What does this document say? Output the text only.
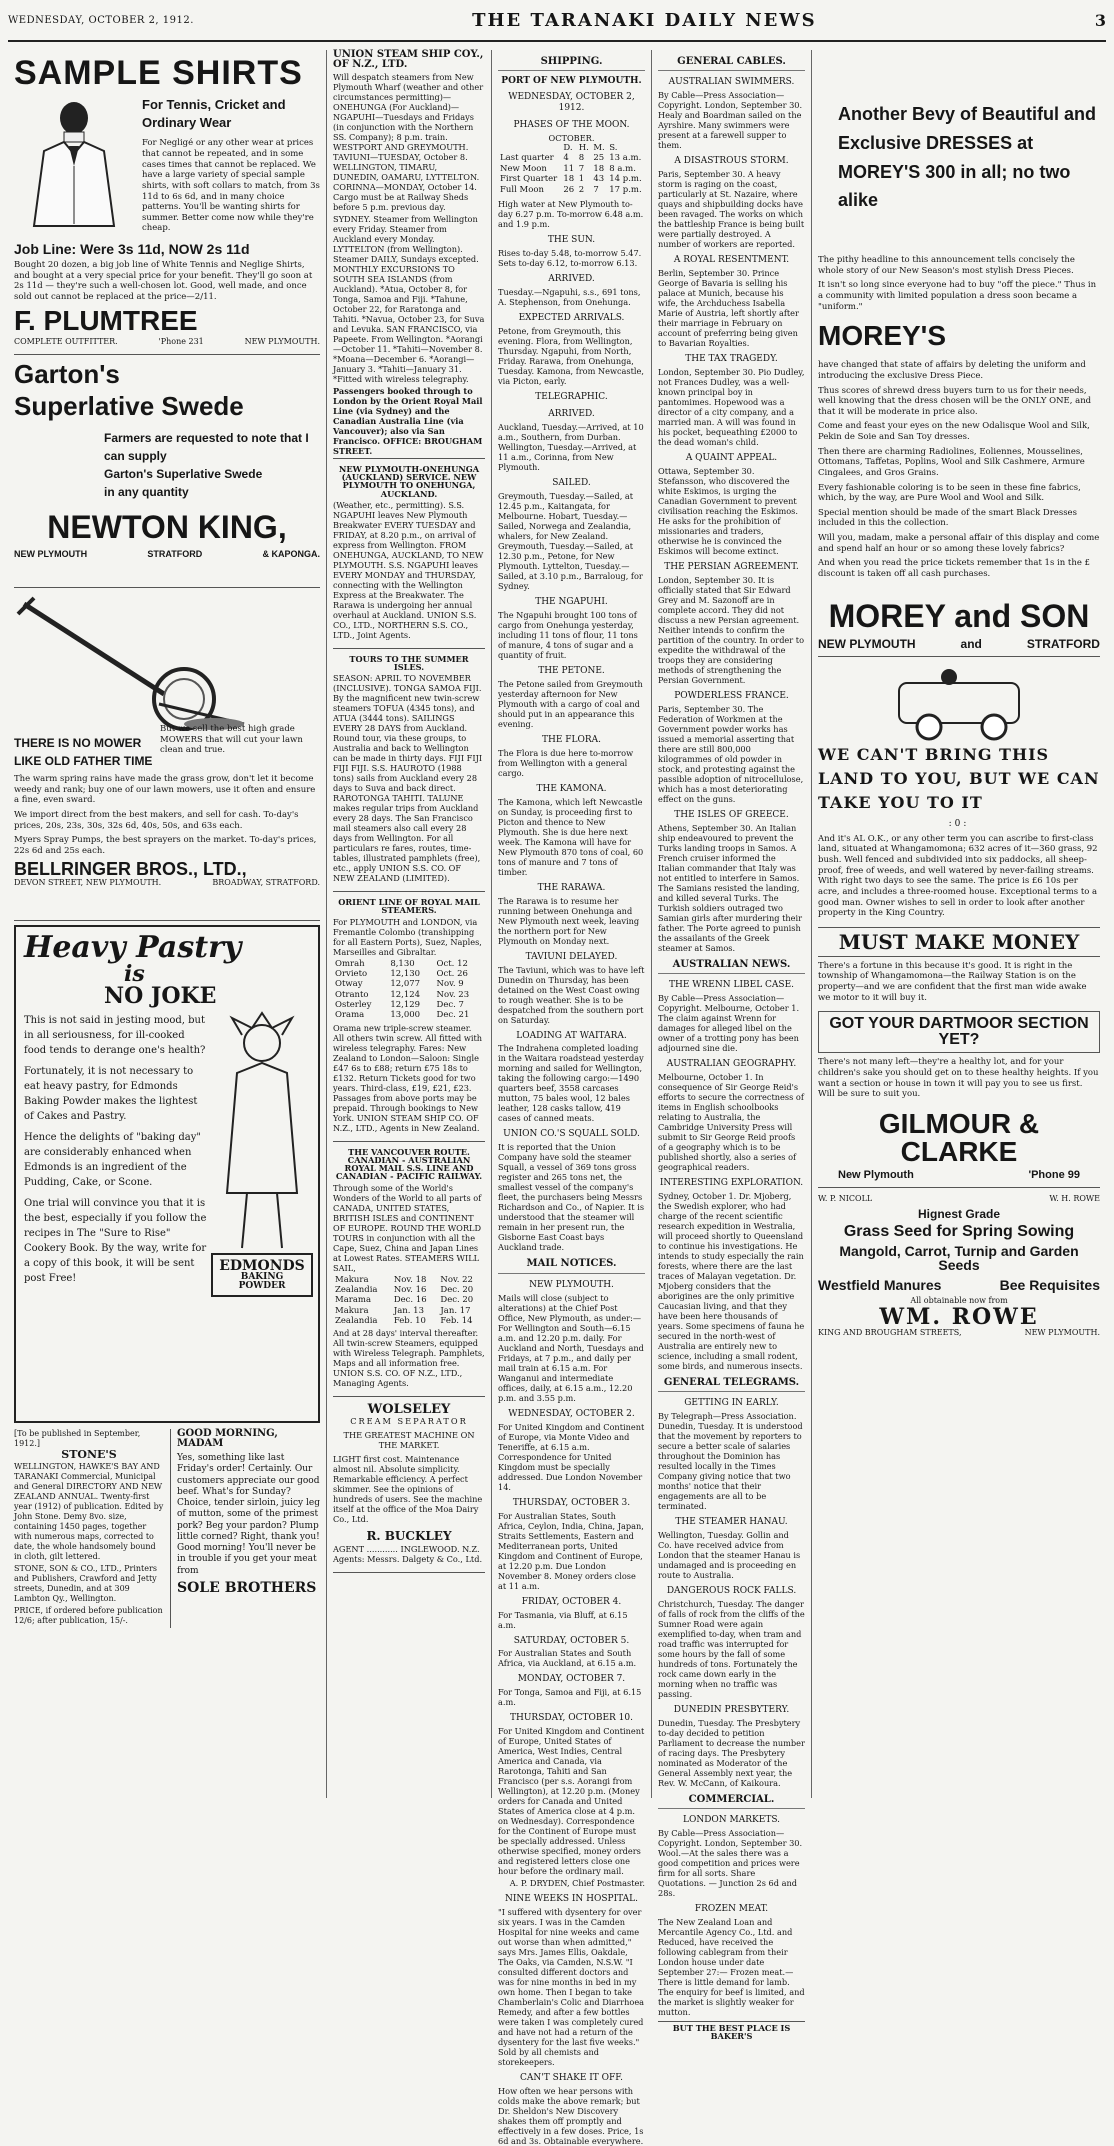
WEDNESDAY, OCTOBER 2, 1912.	THE TARANAKI DAILY NEWS	3
SAMPLE SHIRTS
For Tennis, Cricket and Ordinary Wear

For Negligé or any other wear at prices that cannot be repeated, and in some cases times that cannot be replaced. We have a large variety of special sample shirts, with soft collars to match, from 3s 11d to 6s 6d, and in many choice patterns. You'll be wanting shirts for summer. Better come now while they're cheap.

Job Line: Were 3s 11d, NOW 2s 11d

Bought 20 dozen, a big job line of White Tennis and Neglige Shirts, and bought at a very special price for your benefit. They'll go soon at 2s 11d — they're such a well-chosen lot. Good, well made, and once sold out cannot be replaced at the price—2/11.

F. PLUMTREE
COMPLETE OUTFITTER.	'Phone 231	NEW PLYMOUTH.
Garton's
Superlative Swede
Farmers are requested to note that I can supply
Garton's Superlative Swede
in any quantity
NEWTON KING,
NEW PLYMOUTH	STRATFORD	& KAPONGA.
THERE IS NO MOWER LIKE OLD FATHER TIME

But we sell the best high grade MOWERS that will cut your lawn clean and true.

The warm spring rains have made the grass grow, don't let it become weedy and rank; buy one of our lawn mowers, use it often and ensure a fine, even sward.

We import direct from the best makers, and sell for cash. To-day's prices, 20s, 23s, 30s, 32s 6d, 40s, 50s, and 63s each.

Myers Spray Pumps, the best sprayers on the market. To-day's prices, 22s 6d and 25s each.

BELLRINGER BROS., LTD.,
DEVON STREET, NEW PLYMOUTH.	BROADWAY, STRATFORD.
Heavy Pastry
is
NO JOKE

This is not said in jesting mood, but in all seriousness, for ill-cooked food tends to derange one's health?

Fortunately, it is not necessary to eat heavy pastry, for Edmonds Baking Powder makes the lightest of Cakes and Pastry.

Hence the delights of "baking day" are considerably enhanced when Edmonds is an ingredient of the Pudding, Cake, or Scone.

One trial will convince you that it is the best, especially if you follow the recipes in The "Sure to Rise" Cookery Book. By the way, write for a copy of this book, it will be sent post Free!

EDMONDS
BAKING POWDER
[To be published in September, 1912.]
STONE'S

WELLINGTON, HAWKE'S BAY AND TARANAKI Commercial, Municipal and General DIRECTORY AND NEW ZEALAND ANNUAL. Twenty-first year (1912) of publication. Edited by John Stone. Demy 8vo. size, containing 1450 pages, together with numerous maps, corrected to date, the whole handsomely bound in cloth, gilt lettered.

STONE, SON & CO., LTD., Printers and Publishers, Crawford and Jetty streets, Dunedin, and at 309 Lambton Qy., Wellington.

PRICE, if ordered before publication 12/6; after publication, 15/-.

GOOD MORNING, MADAM

Yes, something like last Friday's order! Certainly. Our customers appreciate our good beef. What's for Sunday? Choice, tender sirloin, juicy leg of mutton, some of the primest pork? Beg your pardon? Plump little corned? Right, thank you! Good morning! You'll never be in trouble if you get your meat from

SOLE BROTHERS
UNION STEAM SHIP COY., OF N.Z., LTD.

Will despatch steamers from New Plymouth Wharf (weather and other circumstances permitting)— ONEHUNGA (For Auckland)— NGAPUHI—Tuesdays and Fridays (in conjunction with the Northern SS. Company); 8 p.m. train. WESTPORT AND GREYMOUTH. TAVIUNI—TUESDAY, October 8. WELLINGTON, TIMARU, DUNEDIN, OAMARU, LYTTELTON. CORINNA—MONDAY, October 14. Cargo must be at Railway Sheds before 5 p.m. previous day.

SYDNEY. Steamer from Wellington every Friday. Steamer from Auckland every Monday. LYTTELTON (from Wellington). Steamer DAILY, Sundays excepted. MONTHLY EXCURSIONS TO SOUTH SEA ISLANDS (from Auckland). *Atua, October 8, for Tonga, Samoa and Fiji. *Tahune, October 22, for Raratonga and Tahiti. *Navua, October 23, for Suva and Levuka. SAN FRANCISCO, via Papeete. From Wellington. *Aorangi—October 11. *Tahiti—November 8. *Moana—December 6. *Aorangi—January 3. *Tahiti—January 31. *Fitted with wireless telegraphy.

Passengers booked through to London by the Orient Royal Mail Line (via Sydney) and the Canadian Australia Line (via Vancouver); also via San Francisco. OFFICE: BROUGHAM STREET.

NEW PLYMOUTH-ONEHUNGA (AUCKLAND) SERVICE. NEW PLYMOUTH TO ONEHUNGA, AUCKLAND.

(Weather, etc., permitting). S.S. NGAPUHI leaves New Plymouth Breakwater EVERY TUESDAY and FRIDAY, at 8.20 p.m., on arrival of express from Wellington. FROM ONEHUNGA, AUCKLAND, TO NEW PLYMOUTH. S.S. NGAPUHI leaves EVERY MONDAY and THURSDAY, connecting with the Wellington Express at the Breakwater. The Rarawa is undergoing her annual overhaul at Auckland. UNION S.S. CO., LTD., NORTHERN S.S. CO., LTD., Joint Agents.

TOURS TO THE SUMMER ISLES.

SEASON: APRIL TO NOVEMBER (INCLUSIVE). TONGA SAMOA FIJI. By the magnificent new twin-screw steamers TOFUA (4345 tons), and ATUA (3444 tons). SAILINGS EVERY 28 DAYS from Auckland. Round tour, via these groups, to Australia and back to Wellington can be made in thirty days. FIJI FIJI FIJI FIJI. S.S. HAUROTO (1988 tons) sails from Auckland every 28 days to Suva and back direct. RAROTONGA TAHITI. TALUNE makes regular trips from Auckland every 28 days. The San Francisco mail steamers also call every 28 days from Wellington. For all particulars re fares, routes, time-tables, illustrated pamphlets (free), etc., apply UNION S.S. CO. OF NEW ZEALAND (LIMITED).

ORIENT LINE OF ROYAL MAIL STEAMERS.

For PLYMOUTH and LONDON, via Fremantle Colombo (transhipping for all Eastern Ports), Suez, Naples, Marseilles and Gibraltar.

Omrah	8,130	Oct. 12
Orvieto	12,130	Oct. 26
Otway	12,077	Nov. 9
Otranto	12,124	Nov. 23
Osterley	12,129	Dec. 7
Orama	13,000	Dec. 21

Orama new triple-screw steamer. All others twin screw. All fitted with wireless telegraphy. Fares: New Zealand to London—Saloon: Single £47 6s to £88; return £75 18s to £132. Return Tickets good for two years. Third-class, £19, £21, £23. Passages from above ports may be prepaid. Through bookings to New York. UNION STEAM SHIP CO. OF N.Z., LTD., Agents in New Zealand.

THE VANCOUVER ROUTE. CANADIAN - AUSTRALIAN ROYAL MAIL S.S. LINE AND CANADIAN - PACIFIC RAILWAY.

Through some of the World's Wonders of the World to all parts of CANADA, UNITED STATES, BRITISH ISLES and CONTINENT OF EUROPE. ROUND THE WORLD TOURS in conjunction with all the Cape, Suez, China and Japan Lines at Lowest Rates. STEAMERS WILL SAIL,

Makura	Nov. 18	Nov. 22
Zealandia	Nov. 16	Dec. 20
Marama	Dec. 16	Dec. 20
Makura	Jan. 13	Jan. 17
Zealandia	Feb. 10	Feb. 14

And at 28 days' interval thereafter. All twin-screw Steamers, equipped with Wireless Telegraph. Pamphlets, Maps and all information free. UNION S.S. CO. OF N.Z., LTD., Managing Agents.

WOLSELEY
CREAM SEPARATOR
THE GREATEST MACHINE ON THE MARKET.

LIGHT first cost. Maintenance almost nil. Absolute simplicity. Remarkable efficiency. A perfect skimmer. See the opinions of hundreds of users. See the machine itself at the office of the Moa Dairy Co., Ltd.

R. BUCKLEY

AGENT ............ INGLEWOOD. N.Z. Agents: Messrs. Dalgety & Co., Ltd.

SHIPPING.
PORT OF NEW PLYMOUTH.
WEDNESDAY, OCTOBER 2, 1912.
PHASES OF THE MOON.
OCTOBER.
	D.	H.	M.	S.
Last quarter	4	8	25	13 a.m.
New Moon	11	7	18	8 a.m.
First Quarter	18	1	43	14 p.m.
Full Moon	26	2	7	17 p.m.

High water at New Plymouth to-day 6.27 p.m. To-morrow 6.48 a.m. and 1.9 p.m.

THE SUN.

Rises to-day 5.48, to-morrow 5.47. Sets to-day 6.12, to-morrow 6.13.

ARRIVED.

Tuesday.—Ngapuhi, s.s., 691 tons, A. Stephenson, from Onehunga.

EXPECTED ARRIVALS.

Petone, from Greymouth, this evening. Flora, from Wellington, Thursday. Ngapuhi, from North, Friday. Rarawa, from Onehunga, Tuesday. Kamona, from Newcastle, via Picton, early.

TELEGRAPHIC.
ARRIVED.

Auckland, Tuesday.—Arrived, at 10 a.m., Southern, from Durban. Wellington, Tuesday.—Arrived, at 11 a.m., Corinna, from New Plymouth.

SAILED.

Greymouth, Tuesday.—Sailed, at 12.45 p.m., Kaitangata, for Melbourne. Hobart, Tuesday.—Sailed, Norwega and Zealandia, whalers, for New Zealand. Greymouth, Tuesday.—Sailed, at 12.30 p.m., Petone, for New Plymouth. Lyttelton, Tuesday.—Sailed, at 3.10 p.m., Barraloug, for Sydney.

THE NGAPUHI.

The Ngapuhi brought 100 tons of cargo from Onehunga yesterday, including 11 tons of flour, 11 tons of manure, 4 tons of sugar and a quantity of fruit.

THE PETONE.

The Petone sailed from Greymouth yesterday afternoon for New Plymouth with a cargo of coal and should put in an appearance this evening.

THE FLORA.

The Flora is due here to-morrow from Wellington with a general cargo.

THE KAMONA.

The Kamona, which left Newcastle on Sunday, is proceeding first to Picton and thence to New Plymouth. She is due here next week. The Kamona will have for New Plymouth 870 tons of coal, 60 tons of manure and 7 tons of timber.

THE RARAWA.

The Rarawa is to resume her running between Onehunga and New Plymouth next week, leaving the northern port for New Plymouth on Monday next.

TAVIUNI DELAYED.

The Taviuni, which was to have left Dunedin on Thursday, has been detained on the West Coast owing to rough weather. She is to be despatched from the southern port on Saturday.

LOADING AT WAITARA.

The Indrahena completed loading in the Waitara roadstead yesterday morning and sailed for Wellington, taking the following cargo:—1490 quarters beef, 3558 carcases mutton, 75 bales wool, 12 bales leather, 128 casks tallow, 419 cases of canned meats.

UNION CO.'S SQUALL SOLD.

It is reported that the Union Company have sold the steamer Squall, a vessel of 369 tons gross register and 265 tons net, the smallest vessel of the company's fleet, the purchasers being Messrs Richardson and Co., of Napier. It is understood that the steamer will remain in her present run, the Gisborne East Coast bays Auckland trade.

MAIL NOTICES.
NEW PLYMOUTH.

Mails will close (subject to alterations) at the Chief Post Office, New Plymouth, as under:— For Wellington and South—6.15 a.m. and 12.20 p.m. daily. For Auckland and North, Tuesdays and Fridays, at 7 p.m., and daily per mail train at 6.15 a.m. For Wanganui and intermediate offices, daily, at 6.15 a.m., 12.20 p.m. and 3.55 p.m.

WEDNESDAY, OCTOBER 2.

For United Kingdom and Continent of Europe, via Monte Video and Teneriffe, at 6.15 a.m. Correspondence for United Kingdom must be specially addressed. Due London November 14.

THURSDAY, OCTOBER 3.

For Australian States, South Africa, Ceylon, India, China, Japan, Straits Settlements, Eastern and Mediterranean ports, United Kingdom and Continent of Europe, at 12.20 p.m. Due London November 8. Money orders close at 11 a.m.

FRIDAY, OCTOBER 4.

For Tasmania, via Bluff, at 6.15 a.m.

SATURDAY, OCTOBER 5.

For Australian States and South Africa, via Auckland, at 6.15 a.m.

MONDAY, OCTOBER 7.

For Tonga, Samoa and Fiji, at 6.15 a.m.

THURSDAY, OCTOBER 10.

For United Kingdom and Continent of Europe, United States of America, West Indies, Central America and Canada, via Rarotonga, Tahiti and San Francisco (per s.s. Aorangi from Wellington), at 12.20 p.m. (Money orders for Canada and United States of America close at 4 p.m. on Wednesday). Correspondence for the Continent of Europe must be specially addressed. Unless otherwise specified, money orders and registered letters close one hour before the ordinary mail.

A. P. DRYDEN, Chief Postmaster.

NINE WEEKS IN HOSPITAL.

"I suffered with dysentery for over six years. I was in the Camden Hospital for nine weeks and came out worse than when admitted," says Mrs. James Ellis, Oakdale, The Oaks, via Camden, N.S.W. "I consulted different doctors and was for nine months in bed in my own home. Then I began to take Chamberlain's Colic and Diarrhoea Remedy, and after a few bottles were taken I was completely cured and have not had a return of the dysentery for the last five weeks." Sold by all chemists and storekeepers.

CAN'T SHAKE IT OFF.

How often we hear persons with colds make the above remark; but Dr. Sheldon's New Discovery shakes them off promptly and effectively in a few doses. Price, 1s 6d and 3s. Obtainable everywhere.

GENERAL CABLES.
AUSTRALIAN SWIMMERS.

By Cable—Press Association—Copyright. London, September 30. Healy and Boardman sailed on the Ayrshire. Many swimmers were present at a farewell supper to them.

A DISASTROUS STORM.

Paris, September 30. A heavy storm is raging on the coast, particularly at St. Nazaire, where quays and shipbuilding docks have been ravaged. The works on which the battleship France is being built were partially destroyed. A number of workers are reported.

A ROYAL RESENTMENT.

Berlin, September 30. Prince George of Bavaria is selling his palace at Munich, because his wife, the Archduchess Isabella Marie of Austria, left shortly after their marriage in February on account of preferring being given to Bavarian Royalties.

THE TAX TRAGEDY.

London, September 30. Pio Dudley, not Frances Dudley, was a well-known principal boy in pantomimes. Hopewood was a director of a city company, and a married man. A will was found in his pocket, bequeathing £2000 to the dead woman's child.

A QUAINT APPEAL.

Ottawa, September 30. Stefansson, who discovered the white Eskimos, is urging the Canadian Government to prevent civilisation reaching the Eskimos. He asks for the prohibition of missionaries and traders, otherwise he is convinced the Eskimos will become extinct.

THE PERSIAN AGREEMENT.

London, September 30. It is officially stated that Sir Edward Grey and M. Sazonoff are in complete accord. They did not discuss a new Persian agreement. Neither intends to confirm the partition of the country. In order to expedite the withdrawal of the troops they are considering methods of strengthening the Persian Government.

POWDERLESS FRANCE.

Paris, September 30. The Federation of Workmen at the Government powder works has issued a memorial asserting that there are still 800,000 kilogrammes of old powder in stock, and protesting against the passible adoption of nitrocellulose, which has a most deteriorating effect on the guns.

THE ISLES OF GREECE.

Athens, September 30. An Italian ship endeavoured to prevent the Turks landing troops in Samos. A French cruiser informed the Italian commander that Italy was not entitled to interfere in Samos. The Samians resisted the landing, and killed several Turks. The Turkish soldiers outraged two Samian girls after murdering their father. The Porte agreed to punish the assailants of the Greek steamer at Samos.

AUSTRALIAN NEWS.
THE WRENN LIBEL CASE.

By Cable—Press Association—Copyright. Melbourne, October 1. The claim against Wrenn for damages for alleged libel on the owner of a trotting pony has been adjourned sine die.

AUSTRALIAN GEOGRAPHY.

Melbourne, October 1. In consequence of Sir George Reid's efforts to secure the correctness of items in English schoolbooks relating to Australia, the Cambridge University Press will submit to Sir George Reid proofs of a geography which is to be published shortly, also a series of geographical readers.

INTERESTING EXPLORATION.

Sydney, October 1. Dr. Mjoberg, the Swedish explorer, who had charge of the recent scientific research expedition in Westralia, will proceed shortly to Queensland to continue his investigations. He intends to study especially the rain forests, where there are the last traces of Malayan vegetation. Dr. Mjoberg considers that the aborigines are the only primitive Caucasian living, and that they have been here thousands of years. Some specimens of fauna he secured in the north-west of Australia are entirely new to science, including a small rodent, some birds, and numerous insects.

GENERAL TELEGRAMS.
GETTING IN EARLY.

By Telegraph—Press Association. Dunedin, Tuesday. It is understood that the movement by reporters to secure a better scale of salaries throughout the Dominion has resulted locally in the Times Company giving notice that two months' notice that their engagements are all to be terminated.

THE STEAMER HANAU.

Wellington, Tuesday. Gollin and Co. have received advice from London that the steamer Hanau is undamaged and is proceeding en route to Australia.

DANGEROUS ROCK FALLS.

Christchurch, Tuesday. The danger of falls of rock from the cliffs of the Sumner Road were again exemplified to-day, when tram and road traffic was interrupted for some hours by the fall of some hundreds of tons. Fortunately the rock came down early in the morning when no traffic was passing.

DUNEDIN PRESBYTERY.

Dunedin, Tuesday. The Presbytery to-day decided to petition Parliament to decrease the number of racing days. The Presbytery nominated as Moderator of the General Assembly next year, the Rev. W. McCann, of Kaikoura.

COMMERCIAL.
LONDON MARKETS.

By Cable—Press Association—Copyright. London, September 30. Wool.—At the sales there was a good competition and prices were firm for all sorts. Share Quotations. — Junction 2s 6d and 28s.

FROZEN MEAT.

The New Zealand Loan and Mercantile Agency Co., Ltd. and Reduced, have received the following cablegram from their London house under date September 27:— Frozen meat.—There is little demand for lamb. The enquiry for beef is limited, and the market is slightly weaker for mutton.

BUT THE BEST PLACE IS BAKER'S
Another Bevy of Beautiful and Exclusive DRESSES at MOREY'S 300 in all; no two alike

The pithy headline to this announcement tells concisely the whole story of our New Season's most stylish Dress Pieces.

It isn't so long since everyone had to buy "off the piece." Thus in a community with limited population a dress soon became a "uniform."

MOREY'S

have changed that state of affairs by deleting the uniform and introducing the exclusive Dress Piece.

Thus scores of shrewd dress buyers turn to us for their needs, well knowing that the dress chosen will be the ONLY ONE, and that it will be moderate in price also.

Come and feast your eyes on the new Odalisque Wool and Silk, Pekin de Soie and San Toy dresses.

Then there are charming Radiolines, Eoliennes, Mousselines, Ottomans, Taffetas, Poplins, Wool and Silk Cashmere, Armure Cingalees, and Gros Grains.

Every fashionable coloring is to be seen in these fine fabrics, which, by the way, are Pure Wool and Wool and Silk.

Special mention should be made of the smart Black Dresses included in this the collection.

Will you, madam, make a personal affair of this display and come and spend half an hour or so among these lovely fabrics?

And when you read the price tickets remember that 1s in the £ discount is taken off all cash purchases.

MOREY and SON
NEW PLYMOUTH	and	STRATFORD
WE CAN'T BRING THIS LAND TO YOU, BUT WE CAN TAKE YOU TO IT
:0:

And it's AL O.K., or any other term you can ascribe to first-class land, situated at Whangamomona; 632 acres of it—360 grass, 92 bush. Well fenced and subdivided into six paddocks, all sheep-proof, free of weeds, and well watered by never-failing streams. With right two days to see the same. The price is £6 10s per acre, and includes a three-roomed house. Exceptional terms to a good man. Owner wishes to sell in order to look after another property in the King Country.

MUST MAKE MONEY

There's a fortune in this because it's good. It is right in the township of Whangamomona—the Railway Station is on the property—and we are confident that the first man wide awake we motor to it will buy it.

GOT YOUR DARTMOOR SECTION YET?

There's not many left—they're a healthy lot, and for your children's sake you should get on to these healthy heights. If you want a section or house in town it will pay you to see us first. Will be sure to suit you.

GILMOUR & CLARKE
New Plymouth	'Phone 99
W. P. NICOLL	W. H. ROWE
Hignest Grade
Grass Seed for Spring Sowing
Mangold, Carrot, Turnip and Garden Seeds
Westfield Manures	Bee Requisites
All obtainable now from
WM. ROWE
KING AND BROUGHAM STREETS,	NEW PLYMOUTH.
